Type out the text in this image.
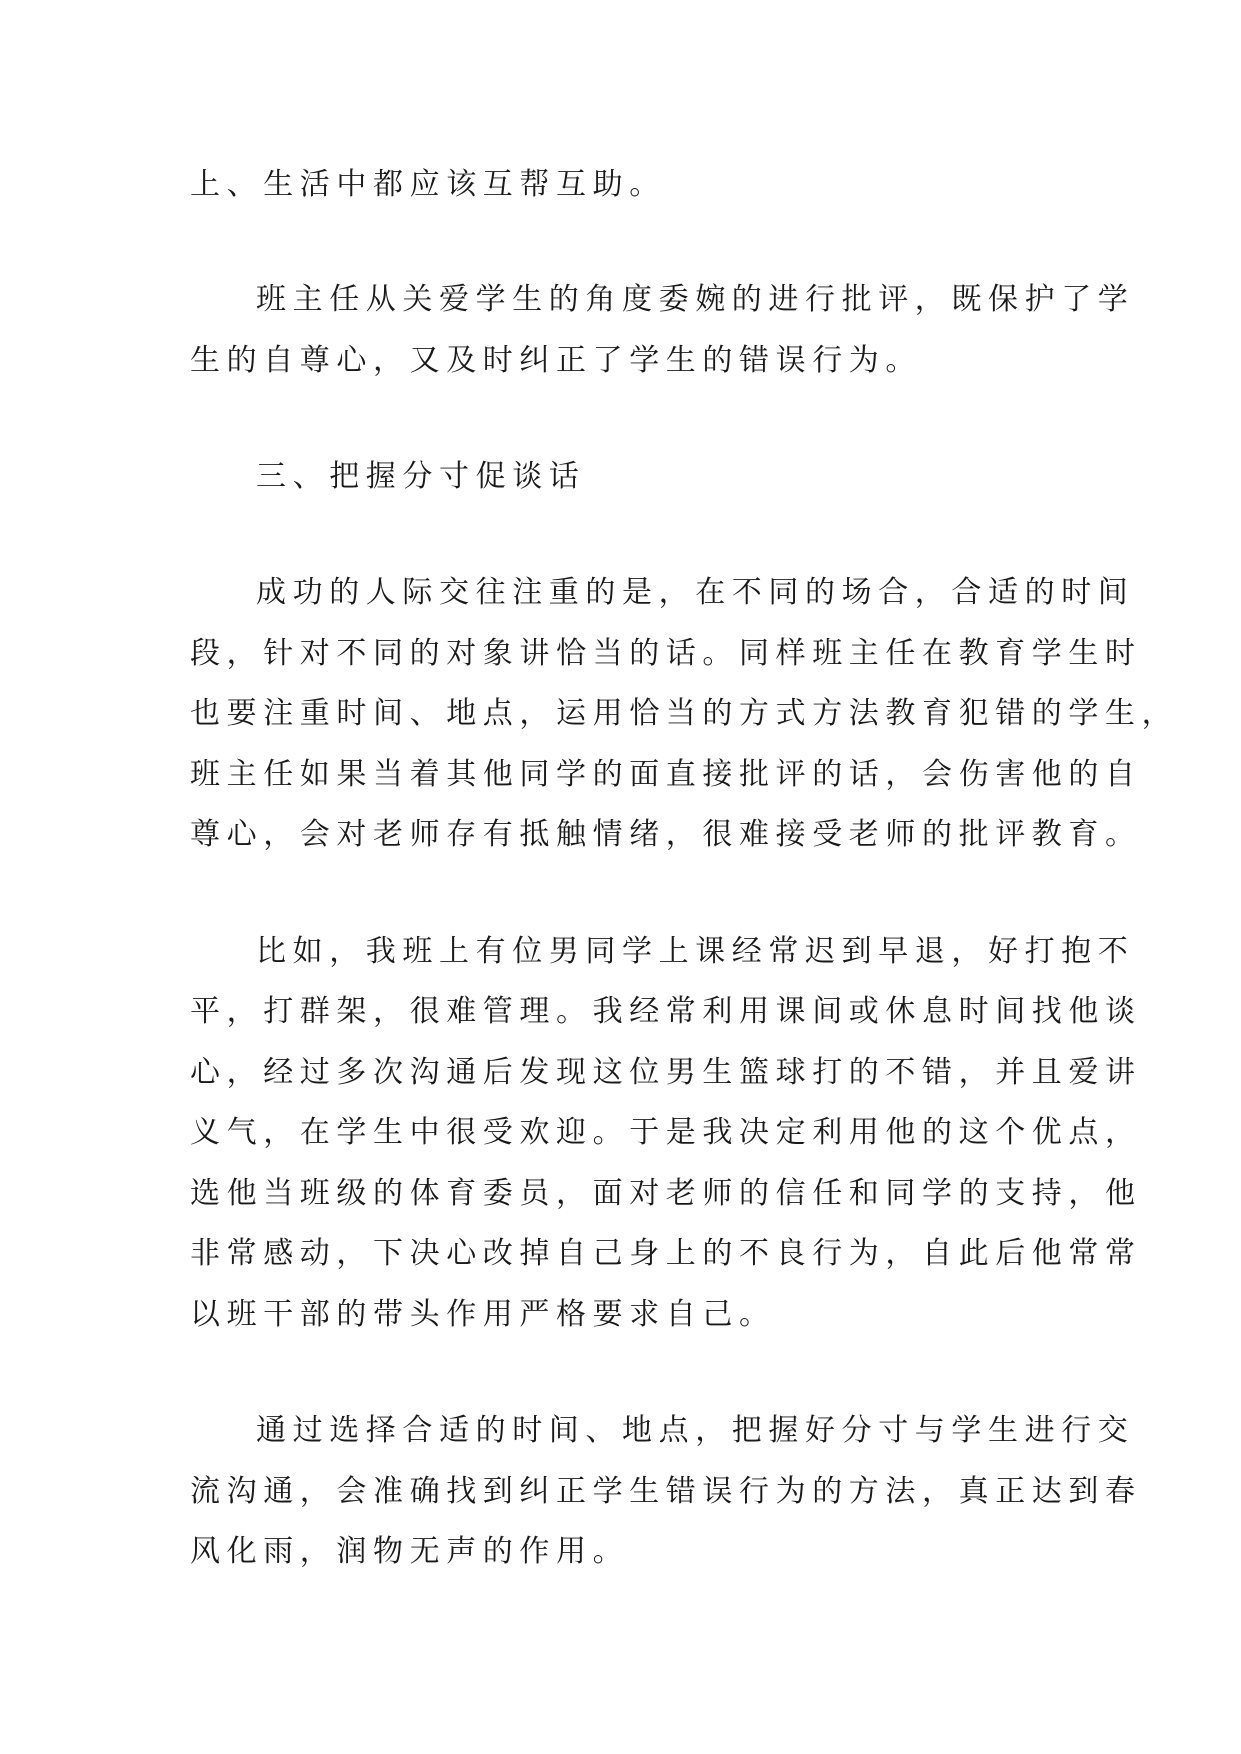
上、生活中都应该互帮互助。
班主任从关爱学生的角度委婉的进行批评，既保护了学
生的自尊心，又及时纠正了学生的错误行为。
三、把握分寸促谈话
成功的人际交往注重的是，在不同的场合，合适的时间
段，针对不同的对象讲恰当的话。同样班主任在教育学生时
也要注重时间、地点，运用恰当的方式方法教育犯错的学生，
班主任如果当着其他同学的面直接批评的话，会伤害他的自
尊心，会对老师存有抵触情绪，很难接受老师的批评教育。
比如，我班上有位男同学上课经常迟到早退，好打抱不
平，打群架，很难管理。我经常利用课间或休息时间找他谈
心，经过多次沟通后发现这位男生篮球打的不错，并且爱讲
义气，在学生中很受欢迎。于是我决定利用他的这个优点，
选他当班级的体育委员，面对老师的信任和同学的支持，他
非常感动，下决心改掉自己身上的不良行为，自此后他常常
以班干部的带头作用严格要求自己。
通过选择合适的时间、地点，把握好分寸与学生进行交
流沟通，会准确找到纠正学生错误行为的方法，真正达到春
风化雨，润物无声的作用。
